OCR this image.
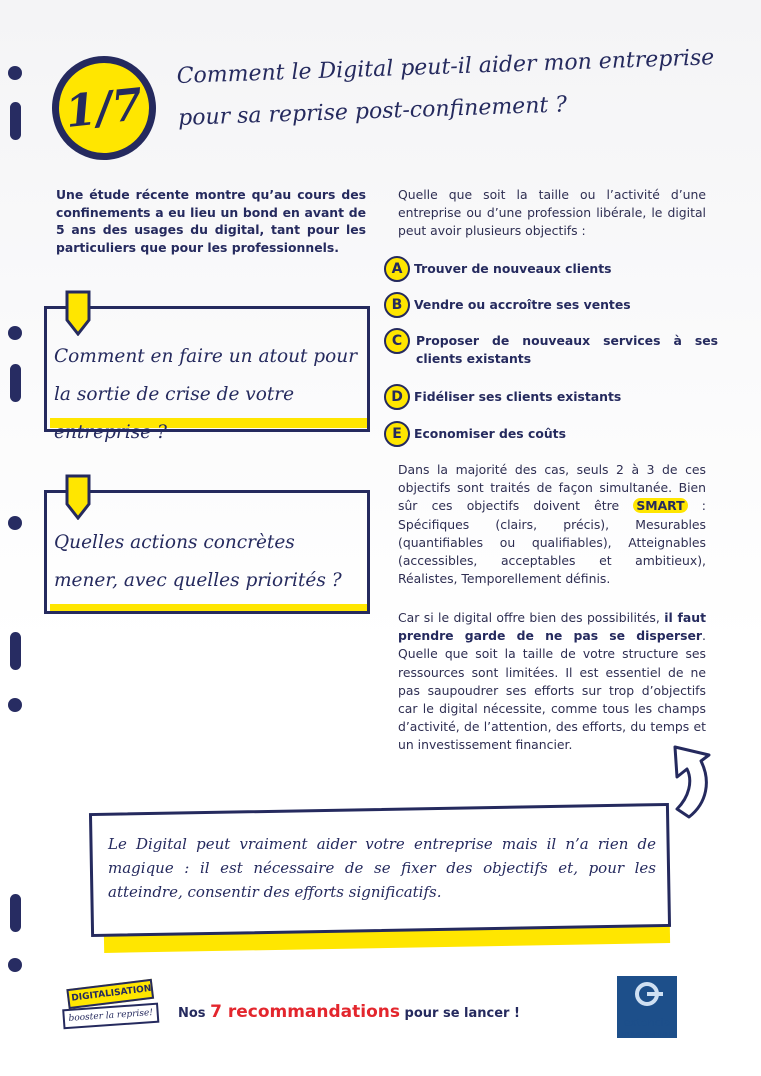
1/7
Comment le Digital peut-il aider mon entreprise pour sa reprise post-confinement ?
Une étude récente montre qu’au cours des confinements a eu lieu un bond en avant de 5 ans des usages du digital, tant pour les particuliers que pour les professionnels.
Comment en faire un atout pour la sortie de crise de votre entreprise ?
Quelles actions concrètes mener, avec quelles priorités ?
Quelle que soit la taille ou l’activité d’une entreprise ou d’une profession libérale, le digital peut avoir plusieurs objectifs :
A Trouver de nouveaux clients
B Vendre ou accroître ses ventes
C	Proposer de nouveaux services à ses clients existants
D Fidéliser ses clients existants
E Economiser des coûts
Dans la majorité des cas, seuls 2 à 3 de ces objectifs sont traités de façon simultanée. Bien sûr ces objectifs doivent être SMART : Spécifiques (clairs, précis), Mesurables (quantifiables ou qualifiables), Atteignables (accessibles, acceptables et ambitieux), Réalistes, Temporellement définis.
Car si le digital offre bien des possibilités, il faut prendre garde de ne pas se disperser. Quelle que soit la taille de votre structure ses ressources sont limitées. Il est essentiel de ne pas saupoudrer ses efforts sur trop d’objectifs car le digital nécessite, comme tous les champs d’activité, de l’attention, des efforts, du temps et un investissement financier.
Le Digital peut vraiment aider votre entreprise mais il n’a rien de magique : il est nécessaire de se fixer des objectifs et, pour les atteindre, consentir des efforts significatifs.
DIGITALISATION
booster la reprise!	Nos 7 recommandations pour se lancer !
extencia
EXPERTS COMPTABLES
